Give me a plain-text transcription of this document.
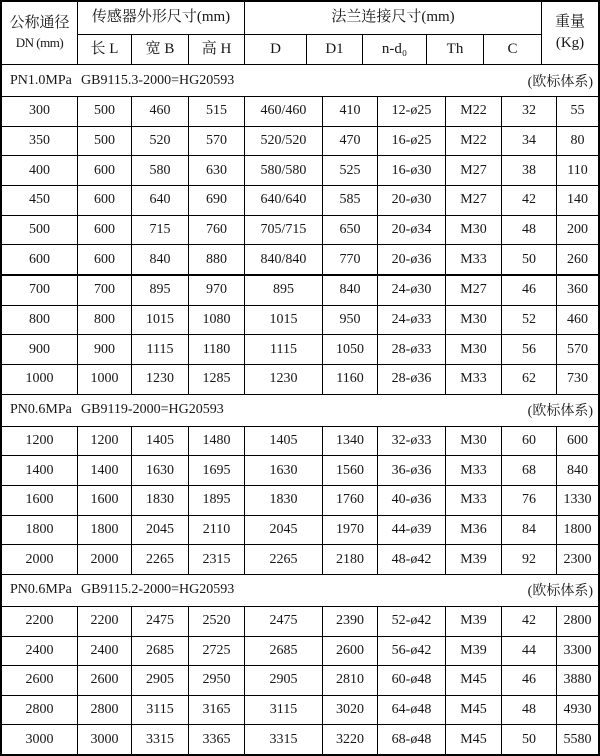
公称通径
DN (mm)
传感器外形尺寸(mm)	法兰连接尺寸(mm)	重量
(Kg)
长 L	宽 B	高 H	D	D1	n-d₀	Th	C
PN1.0MPa GB9115.3-2000=HG20593	(欧标体系)
300	500	460	515	460/460	410	12-ø25	M22	32	55
350	500	520	570	520/520	470	16-ø25	M22	34	80
400	600	580	630	580/580	525	16-ø30	M27	38	110
450	600	640	690	640/640	585	20-ø30	M27	42	140
500	600	715	760	705/715	650	20-ø34	M30	48	200
600	600	840	880	840/840	770	20-ø36	M33	50	260
700	700	895	970	895	840	24-ø30	M27	46	360
800	800	1015	1080	1015	950	24-ø33	M30	52	460
900	900	1115	1180	1115	1050	28-ø33	M30	56	570
1000	1000	1230	1285	1230	1160	28-ø36	M33	62	730
PN0.6MPa GB9119-2000=HG20593	(欧标体系)
1200	1200	1405	1480	1405	1340	32-ø33	M30	60	600
1400	1400	1630	1695	1630	1560	36-ø36	M33	68	840
1600	1600	1830	1895	1830	1760	40-ø36	M33	76	1330
1800	1800	2045	2110	2045	1970	44-ø39	M36	84	1800
2000	2000	2265	2315	2265	2180	48-ø42	M39	92	2300
PN0.6MPa GB9115.2-2000=HG20593	(欧标体系)
2200	2200	2475	2520	2475	2390	52-ø42	M39	42	2800
2400	2400	2685	2725	2685	2600	56-ø42	M39	44	3300
2600	2600	2905	2950	2905	2810	60-ø48	M45	46	3880
2800	2800	3115	3165	3115	3020	64-ø48	M45	48	4930
3000	3000	3315	3365	3315	3220	68-ø48	M45	50	5580
